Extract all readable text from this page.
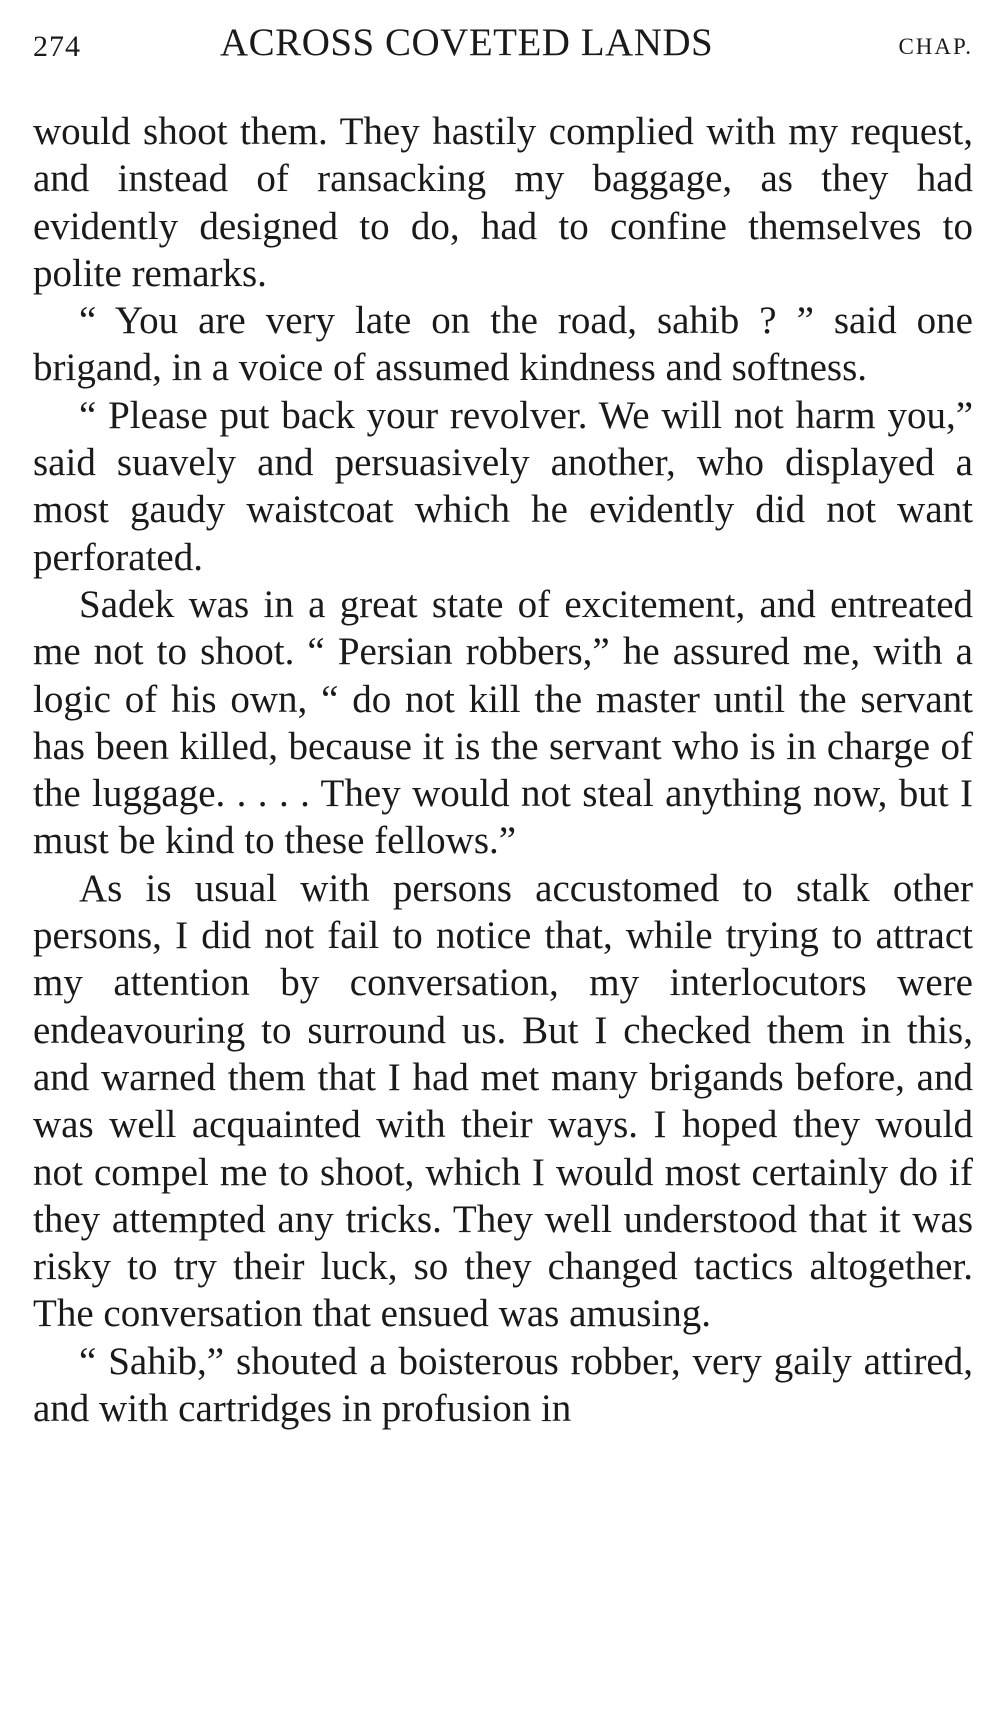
274	ACROSS COVETED LANDS	CHAP.

would shoot them. They hastily complied with my request, and instead of ransacking my baggage, as they had evidently designed to do, had to confine themselves to polite remarks.

“ You are very late on the road, sahib ? ” said one brigand, in a voice of assumed kindness and softness.

“ Please put back your revolver. We will not harm you,” said suavely and persuasively another, who displayed a most gaudy waistcoat which he evidently did not want perforated.

Sadek was in a great state of excitement, and entreated me not to shoot. “ Persian robbers,” he assured me, with a logic of his own, “ do not kill the master until the servant has been killed, because it is the servant who is in charge of the luggage. . . . . They would not steal anything now, but I must be kind to these fellows.”

As is usual with persons accustomed to stalk other persons, I did not fail to notice that, while trying to attract my attention by conversation, my interlocutors were endeavouring to surround us. But I checked them in this, and warned them that I had met many brigands before, and was well acquainted with their ways. I hoped they would not compel me to shoot, which I would most certainly do if they attempted any tricks. They well understood that it was risky to try their luck, so they changed tactics altogether. The conversation that ensued was amusing.

“ Sahib,” shouted a boisterous robber, very gaily attired, and with cartridges in profusion in
